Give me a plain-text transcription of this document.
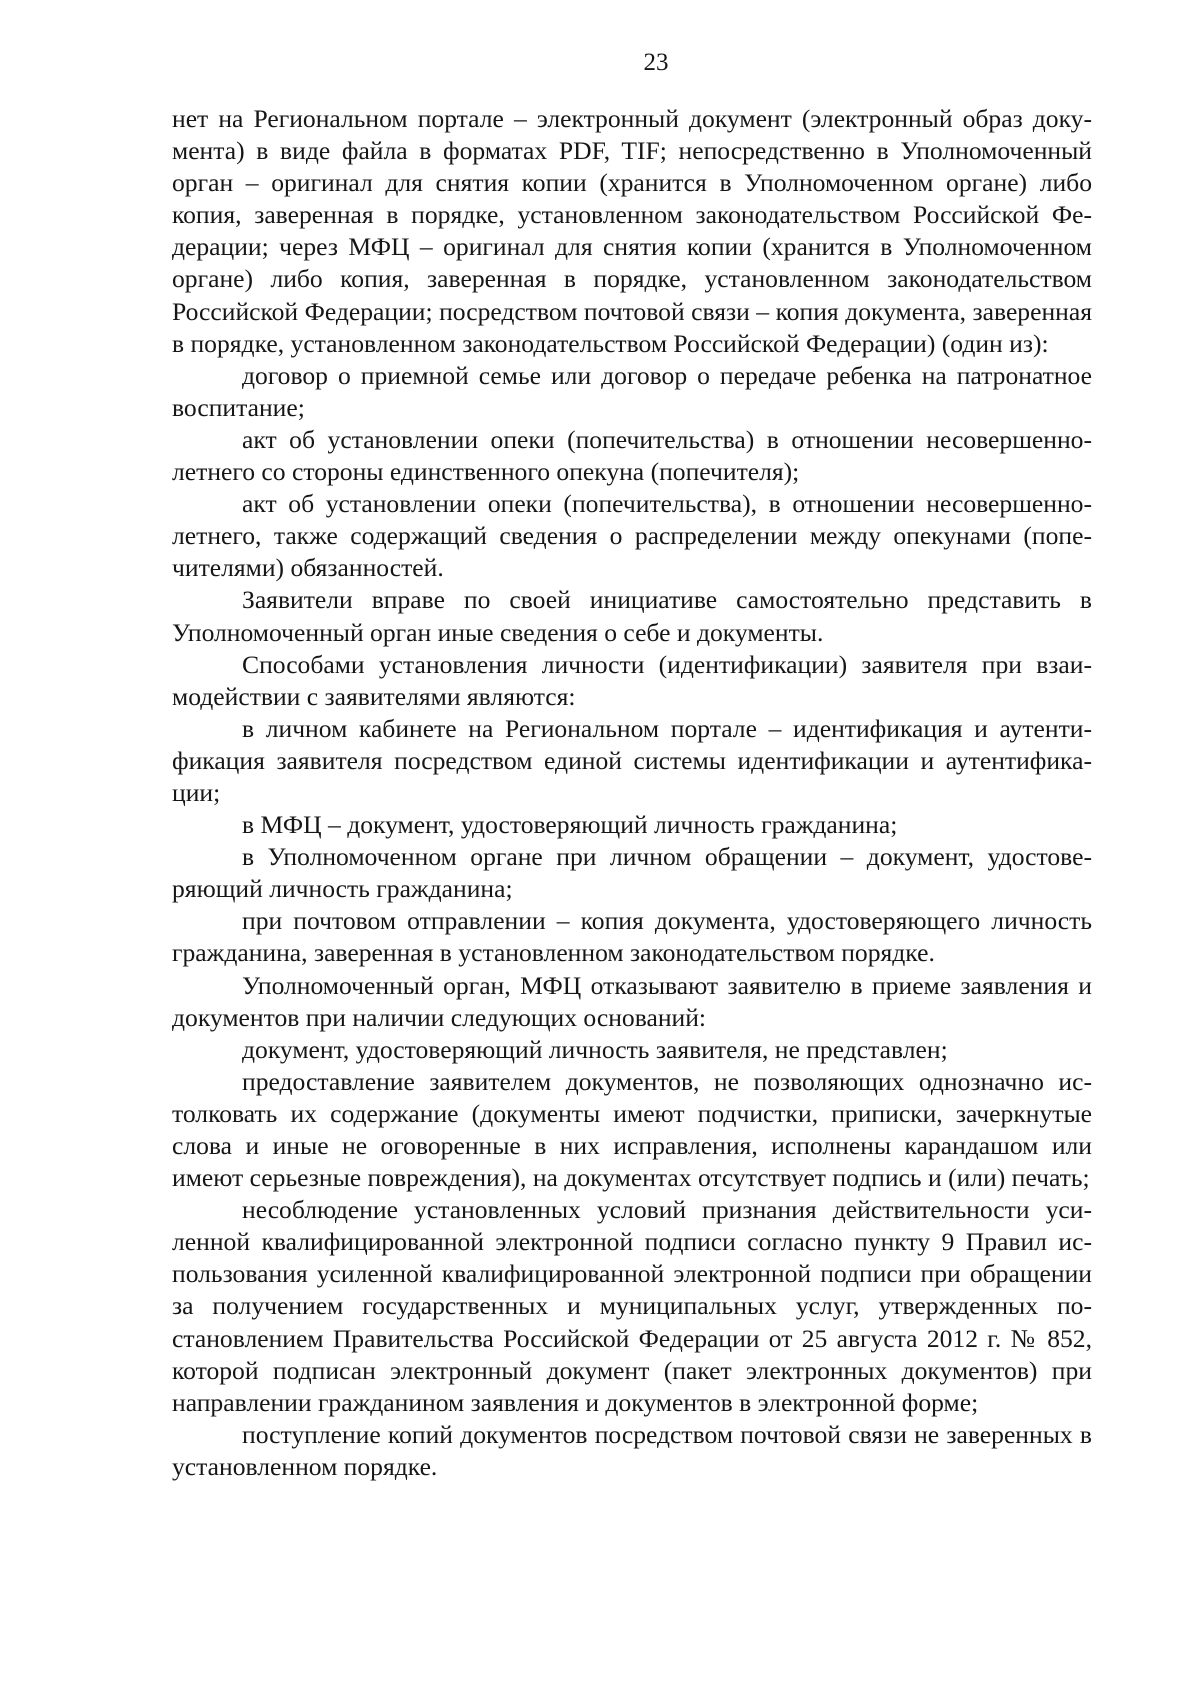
23

нет на Региональном портале – электронный документ (электронный образ документа) в виде файла в форматах PDF, TIF; непосредственно в Уполномоченный орган – оригинал для снятия копии (хранится в Уполномоченном органе) либо копия, заверенная в порядке, установленном законодательством Российской Федерации; через МФЦ – оригинал для снятия копии (хранится в Уполномоченном органе) либо копия, заверенная в порядке, установленном законодательством Российской Федерации; посредством почтовой связи – копия документа, заверенная в порядке, установленном законодательством Российской Федерации) (один из):

договор о приемной семье или договор о передаче ребенка на патронатное воспитание;

акт об установлении опеки (попечительства) в отношении несовершеннолетнего со стороны единственного опекуна (попечителя);

акт об установлении опеки (попечительства), в отношении несовершеннолетнего, также содержащий сведения о распределении между опекунами (попечителями) обязанностей.

Заявители вправе по своей инициативе самостоятельно представить в Уполномоченный орган иные сведения о себе и документы.

Способами установления личности (идентификации) заявителя при взаимодействии с заявителями являются:

в личном кабинете на Региональном портале – идентификация и аутентификация заявителя посредством единой системы идентификации и аутентификации;

в МФЦ – документ, удостоверяющий личность гражданина;

в Уполномоченном органе при личном обращении – документ, удостоверяющий личность гражданина;

при почтовом отправлении – копия документа, удостоверяющего личность гражданина, заверенная в установленном законодательством порядке.

Уполномоченный орган, МФЦ отказывают заявителю в приеме заявления и документов при наличии следующих оснований:

документ, удостоверяющий личность заявителя, не представлен;

предоставление заявителем документов, не позволяющих однозначно истолковать их содержание (документы имеют подчистки, приписки, зачеркнутые слова и иные не оговоренные в них исправления, исполнены карандашом или имеют серьезные повреждения), на документах отсутствует подпись и (или) печать;

несоблюдение установленных условий признания действительности усиленной квалифицированной электронной подписи согласно пункту 9 Правил использования усиленной квалифицированной электронной подписи при обращении за получением государственных и муниципальных услуг, утвержденных постановлением Правительства Российской Федерации от 25 августа 2012 г. № 852, которой подписан электронный документ (пакет электронных документов) при направлении гражданином заявления и документов в электронной форме;

поступление копий документов посредством почтовой связи не заверенных в установленном порядке.
